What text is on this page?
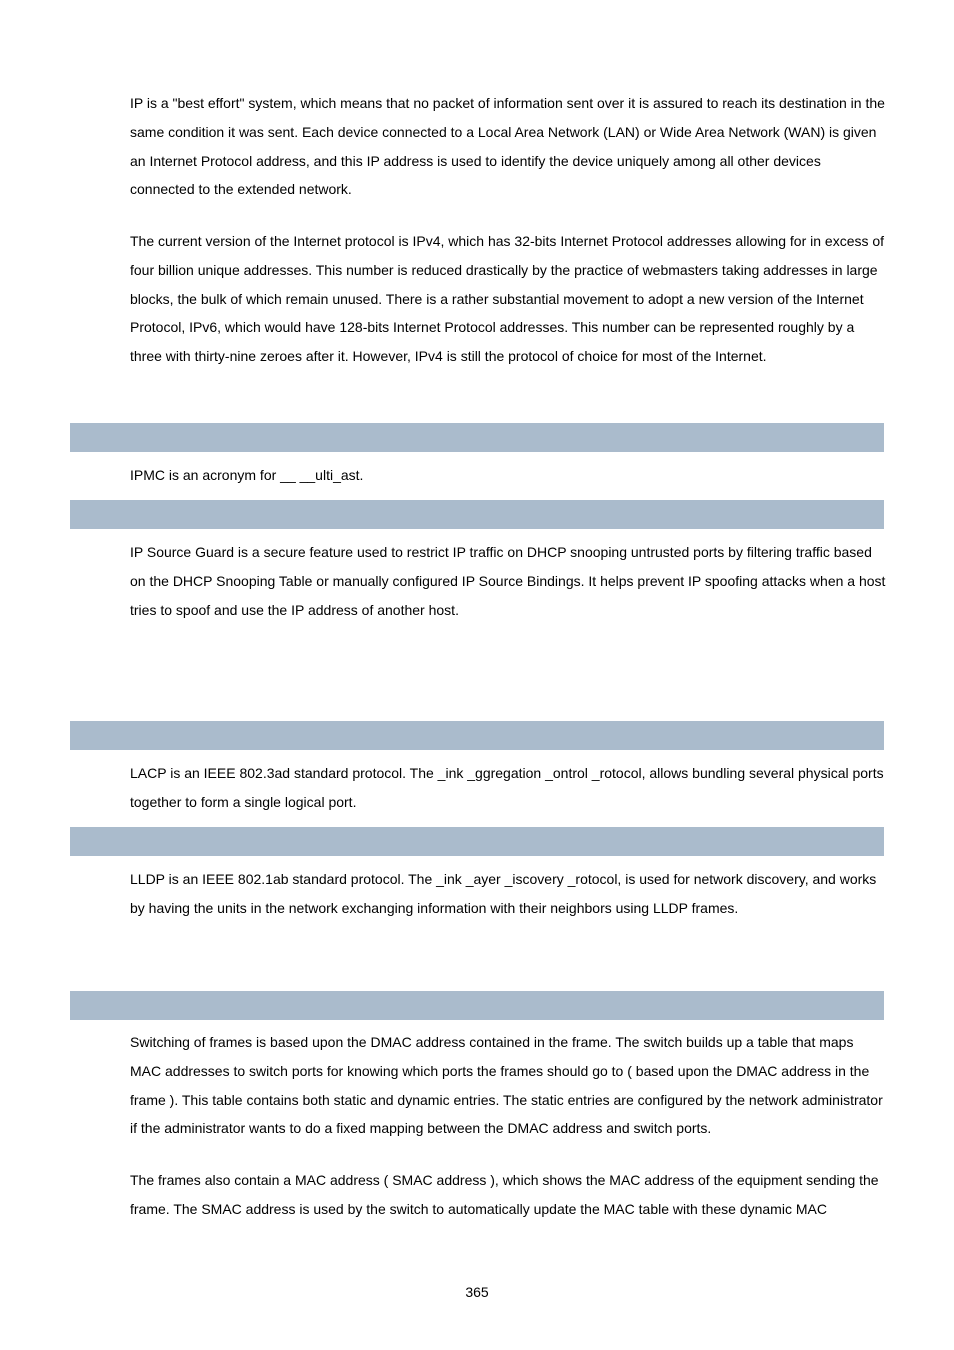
IP is a "best effort" system, which means that no packet of information sent over it is assured to reach its destination in the same condition it was sent. Each device connected to a Local Area Network (LAN) or Wide Area Network (WAN) is given an Internet Protocol address, and this IP address is used to identify the device uniquely among all other devices connected to the extended network.

The current version of the Internet protocol is IPv4, which has 32-bits Internet Protocol addresses allowing for in excess of four billion unique addresses. This number is reduced drastically by the practice of webmasters taking addresses in large blocks, the bulk of which remain unused. There is a rather substantial movement to adopt a new version of the Internet Protocol, IPv6, which would have 128-bits Internet Protocol addresses. This number can be represented roughly by a three with thirty-nine zeroes after it. However, IPv4 is still the protocol of choice for most of the Internet.

IPMC is an acronym for __ __ulti_ast.

IP Source Guard is a secure feature used to restrict IP traffic on DHCP snooping untrusted ports by filtering traffic based on the DHCP Snooping Table or manually configured IP Source Bindings. It helps prevent IP spoofing attacks when a host tries to spoof and use the IP address of another host.

LACP is an IEEE 802.3ad standard protocol. The _ink _ggregation _ontrol _rotocol, allows bundling several physical ports together to form a single logical port.

LLDP is an IEEE 802.1ab standard protocol. The _ink _ayer _iscovery _rotocol, is used for network discovery, and works by having the units in the network exchanging information with their neighbors using LLDP frames.

Switching of frames is based upon the DMAC address contained in the frame. The switch builds up a table that maps MAC addresses to switch ports for knowing which ports the frames should go to ( based upon the DMAC address in the frame ). This table contains both static and dynamic entries. The static entries are configured by the network administrator if the administrator wants to do a fixed mapping between the DMAC address and switch ports.

The frames also contain a MAC address ( SMAC address ), which shows the MAC address of the equipment sending the frame. The SMAC address is used by the switch to automatically update the MAC table with these dynamic MAC

365
